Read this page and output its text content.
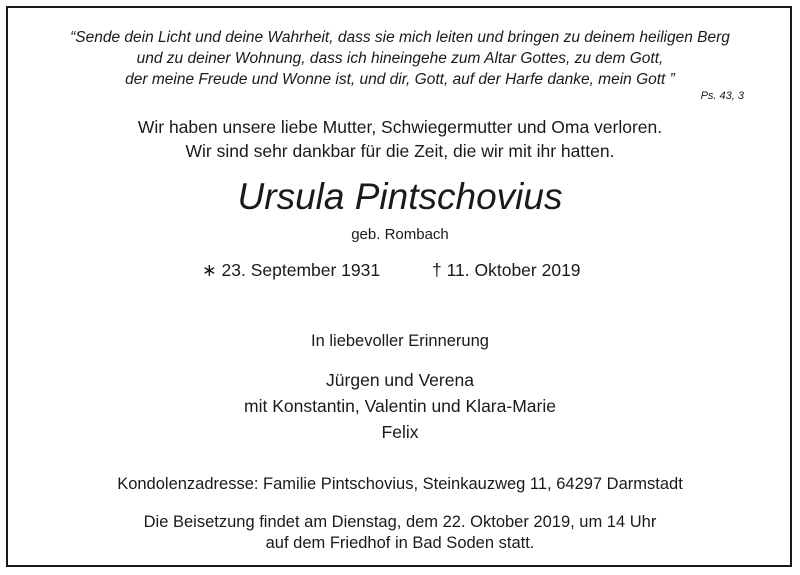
“Sende dein Licht und deine Wahrheit, dass sie mich leiten und bringen zu deinem heiligen Berg
und zu deiner Wohnung, dass ich hineingehe zum Altar Gottes, zu dem Gott,
der meine Freude und Wonne ist, und dir, Gott, auf der Harfe danke, mein Gott ”
Ps. 43, 3
Wir haben unsere liebe Mutter, Schwiegermutter und Oma verloren.
Wir sind sehr dankbar für die Zeit, die wir mit ihr hatten.
Ursula Pintschovius
geb. Rombach
∗ 23. September 1931	† 11. Oktober 2019
In liebevoller Erinnerung
Jürgen und Verena
mit Konstantin, Valentin und Klara-Marie
Felix
Kondolenzadresse: Familie Pintschovius, Steinkauzweg 11, 64297 Darmstadt
Die Beisetzung findet am Dienstag, dem 22. Oktober 2019, um 14 Uhr
auf dem Friedhof in Bad Soden statt.
